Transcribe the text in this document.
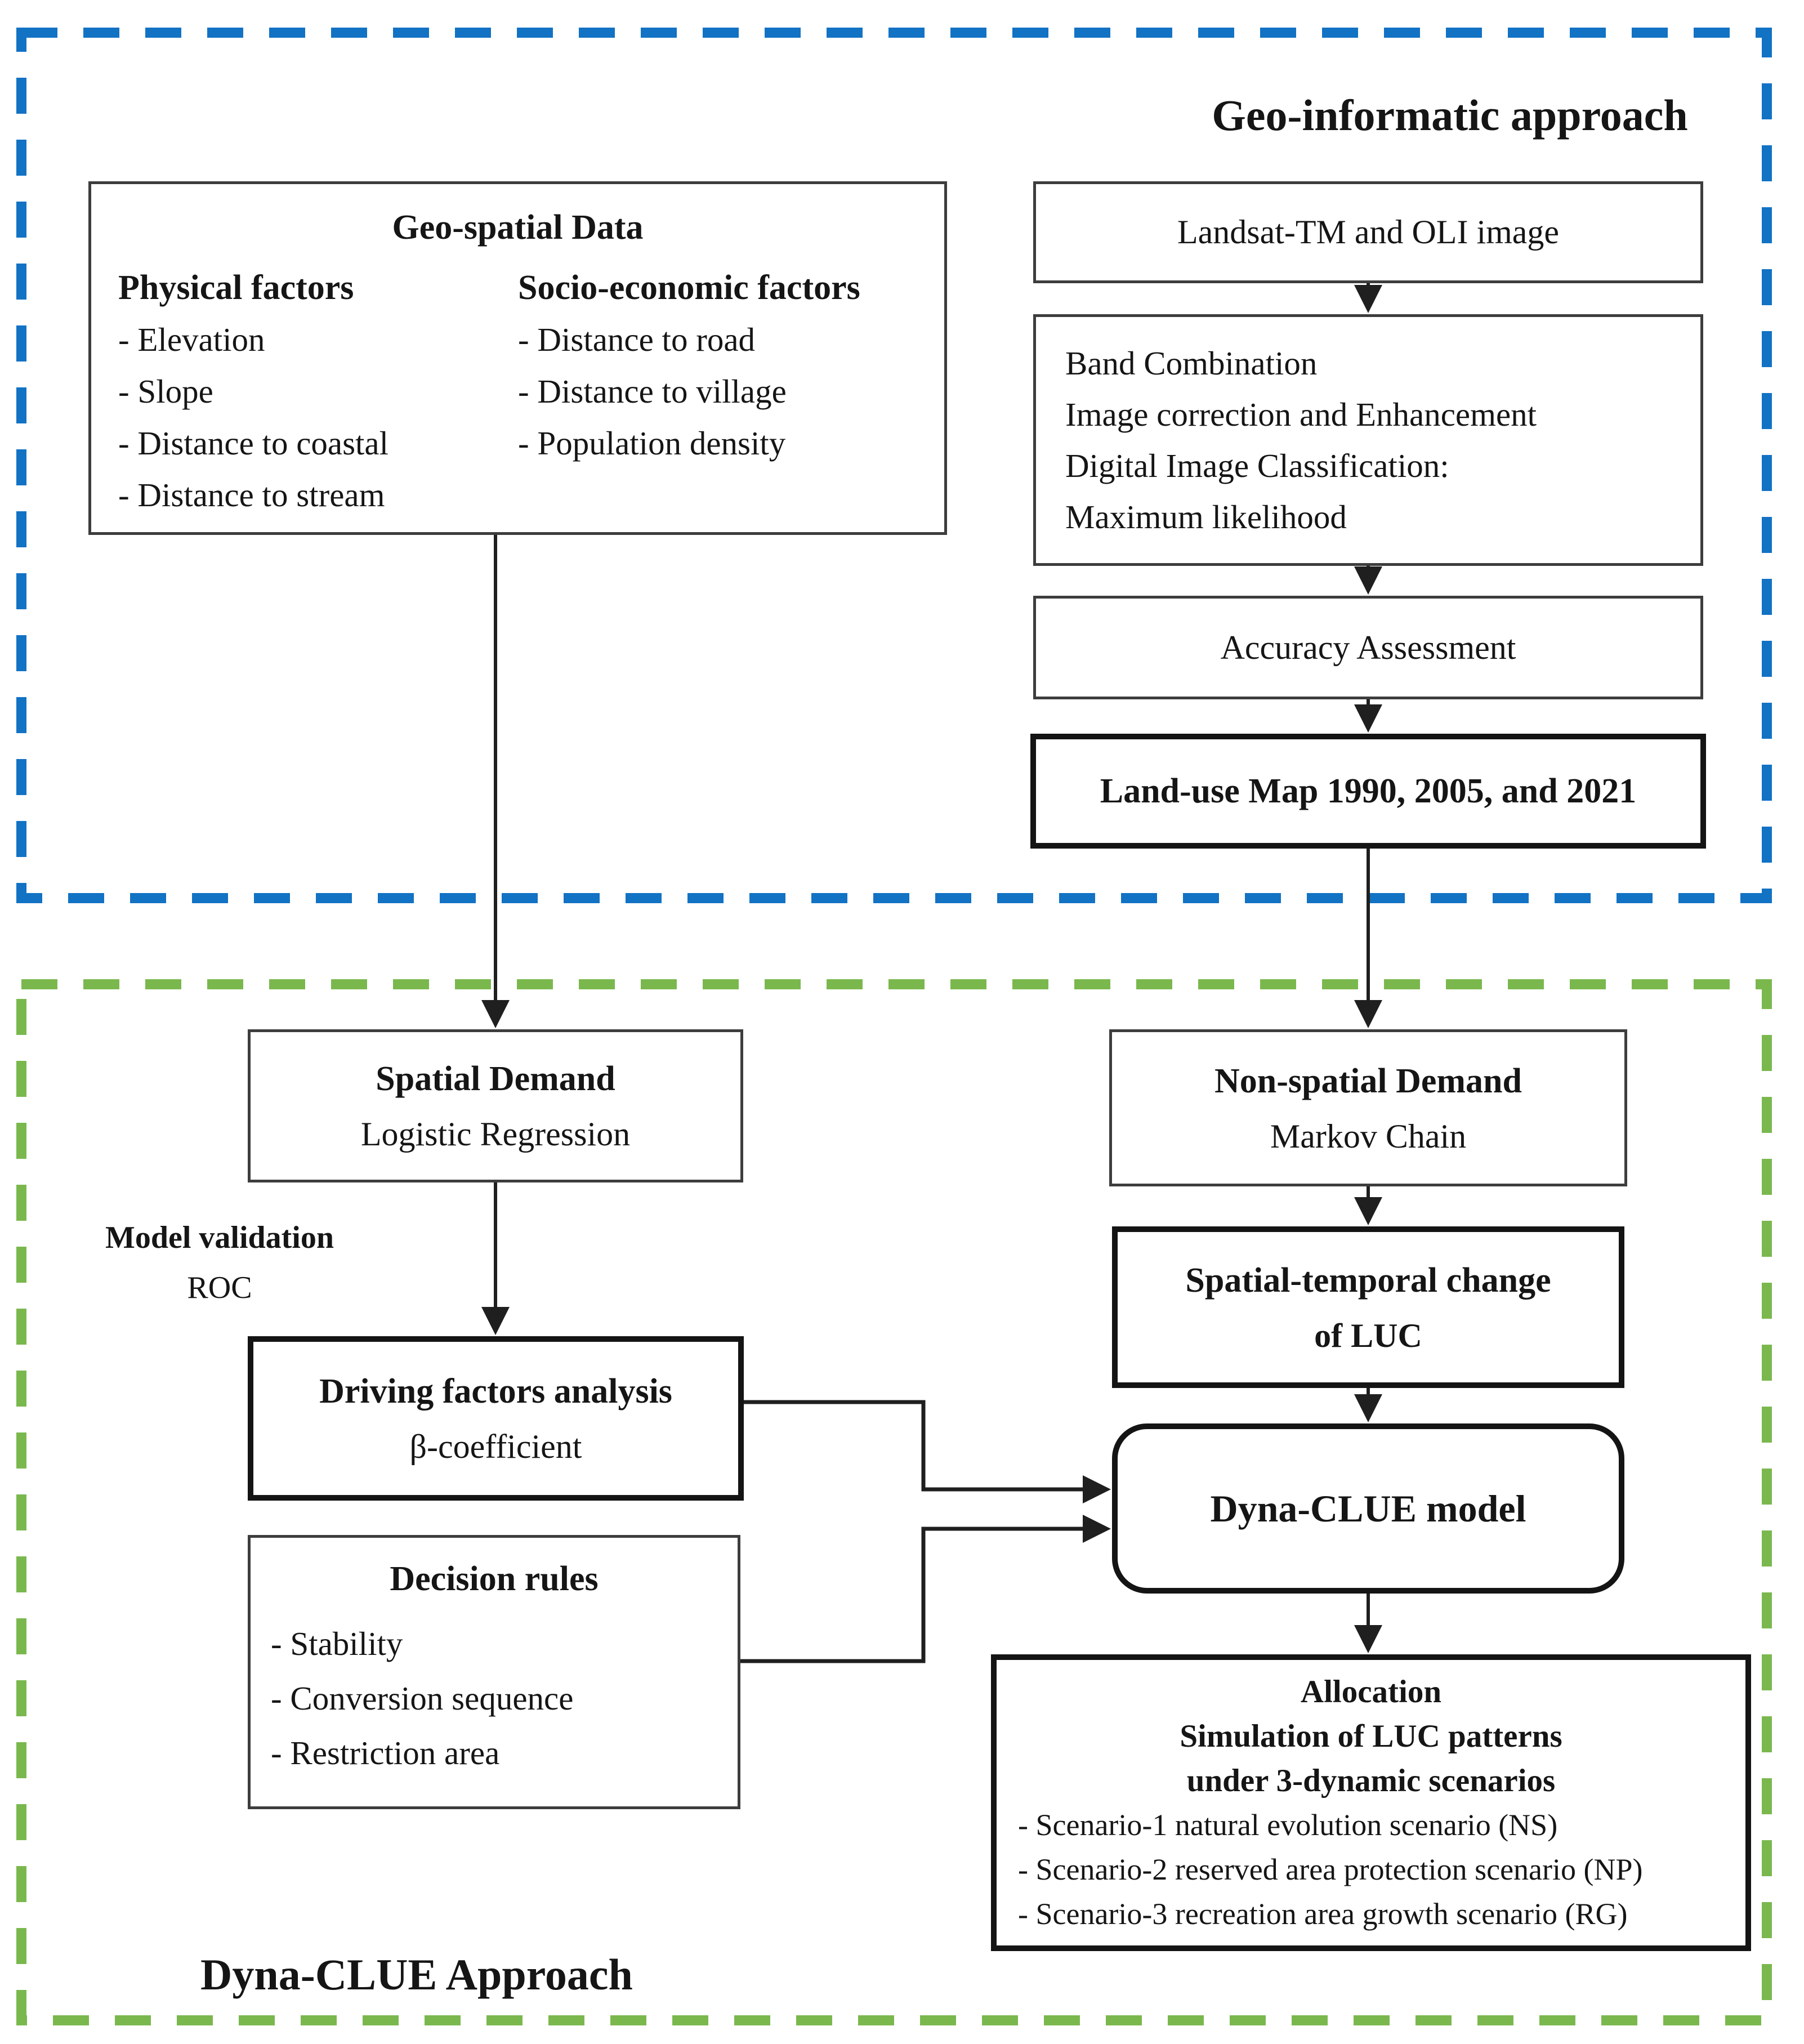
Geo-informatic approach
Dyna-CLUE Approach
Geo-spatial Data
Physical factors
- Elevation
- Slope
- Distance to coastal
- Distance to stream
Socio-economic factors
- Distance to road
- Distance to village
- Population density
Landsat-TM and OLI image
Band Combination
Image correction and Enhancement
Digital Image Classification:
Maximum likelihood
Accuracy Assessment
Land-use Map 1990, 2005, and 2021
Spatial Demand
Logistic Regression
Model validation
ROC
Driving factors analysis
β-coefficient
Decision rules
- Stability
- Conversion sequence
- Restriction area
Non-spatial Demand
Markov Chain
Spatial-temporal change
of LUC
Dyna-CLUE model
Allocation
Simulation of LUC patterns
under 3-dynamic scenarios
- Scenario-1 natural evolution scenario (NS)
- Scenario-2 reserved area protection scenario (NP)
- Scenario-3 recreation area growth scenario (RG)
